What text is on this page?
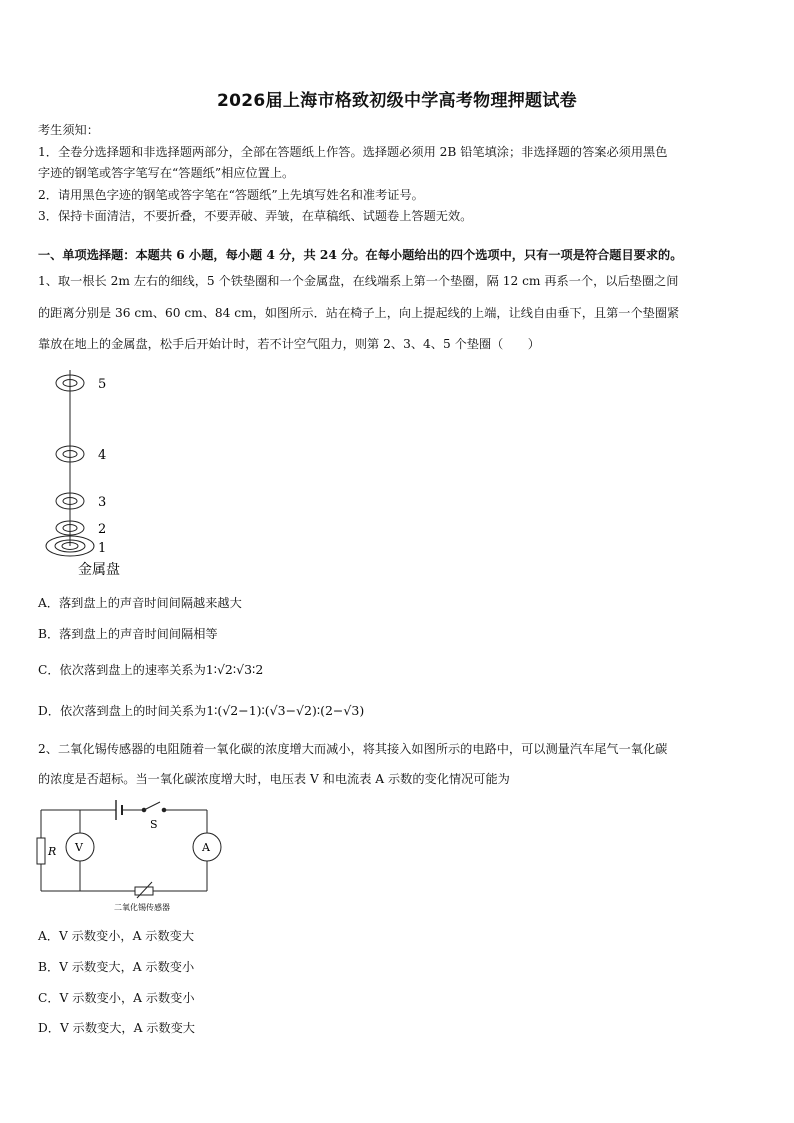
2026届上海市格致初级中学高考物理押题试卷
考生须知：
1．全卷分选择题和非选择题两部分，全部在答题纸上作答。选择题必须用 2B 铅笔填涂；非选择题的答案必须用黑色
字迹的钢笔或答字笔写在“答题纸”相应位置上。
2．请用黑色字迹的钢笔或答字笔在“答题纸”上先填写姓名和准考证号。
3．保持卡面清洁，不要折叠，不要弄破、弄皱，在草稿纸、试题卷上答题无效。
一、单项选择题：本题共 6 小题，每小题 4 分，共 24 分。在每小题给出的四个选项中，只有一项是符合题目要求的。
1、取一根长 2m 左右的细线，5 个铁垫圈和一个金属盘，在线端系上第一个垫圈，隔 12 cm 再系一个，以后垫圈之间
的距离分别是 36 cm、60 cm、84 cm，如图所示．站在椅子上，向上提起线的上端，让线自由垂下，且第一个垫圈紧
靠放在地上的金属盘，松手后开始计时，若不计空气阻力，则第 2、3、4、5 个垫圈（　　）
5
4
3
2
1
金属盘
A．落到盘上的声音时间间隔越来越大
B．落到盘上的声音时间间隔相等
C．依次落到盘上的速率关系为1∶√2∶√3∶2
D．依次落到盘上的时间关系为1∶(√2−1)∶(√3−√2)∶(2−√3)
2、二氧化锡传感器的电阻随着一氧化碳的浓度增大而减小，将其接入如图所示的电路中，可以测量汽车尾气一氧化碳
的浓度是否超标。当一氧化碳浓度增大时，电压表 V 和电流表 A 示数的变化情况可能为
S
R V	A
二氧化锡传感器
A．V 示数变小，A 示数变大
B．V 示数变大，A 示数变小
C．V 示数变小，A 示数变小
D．V 示数变大，A 示数变大
